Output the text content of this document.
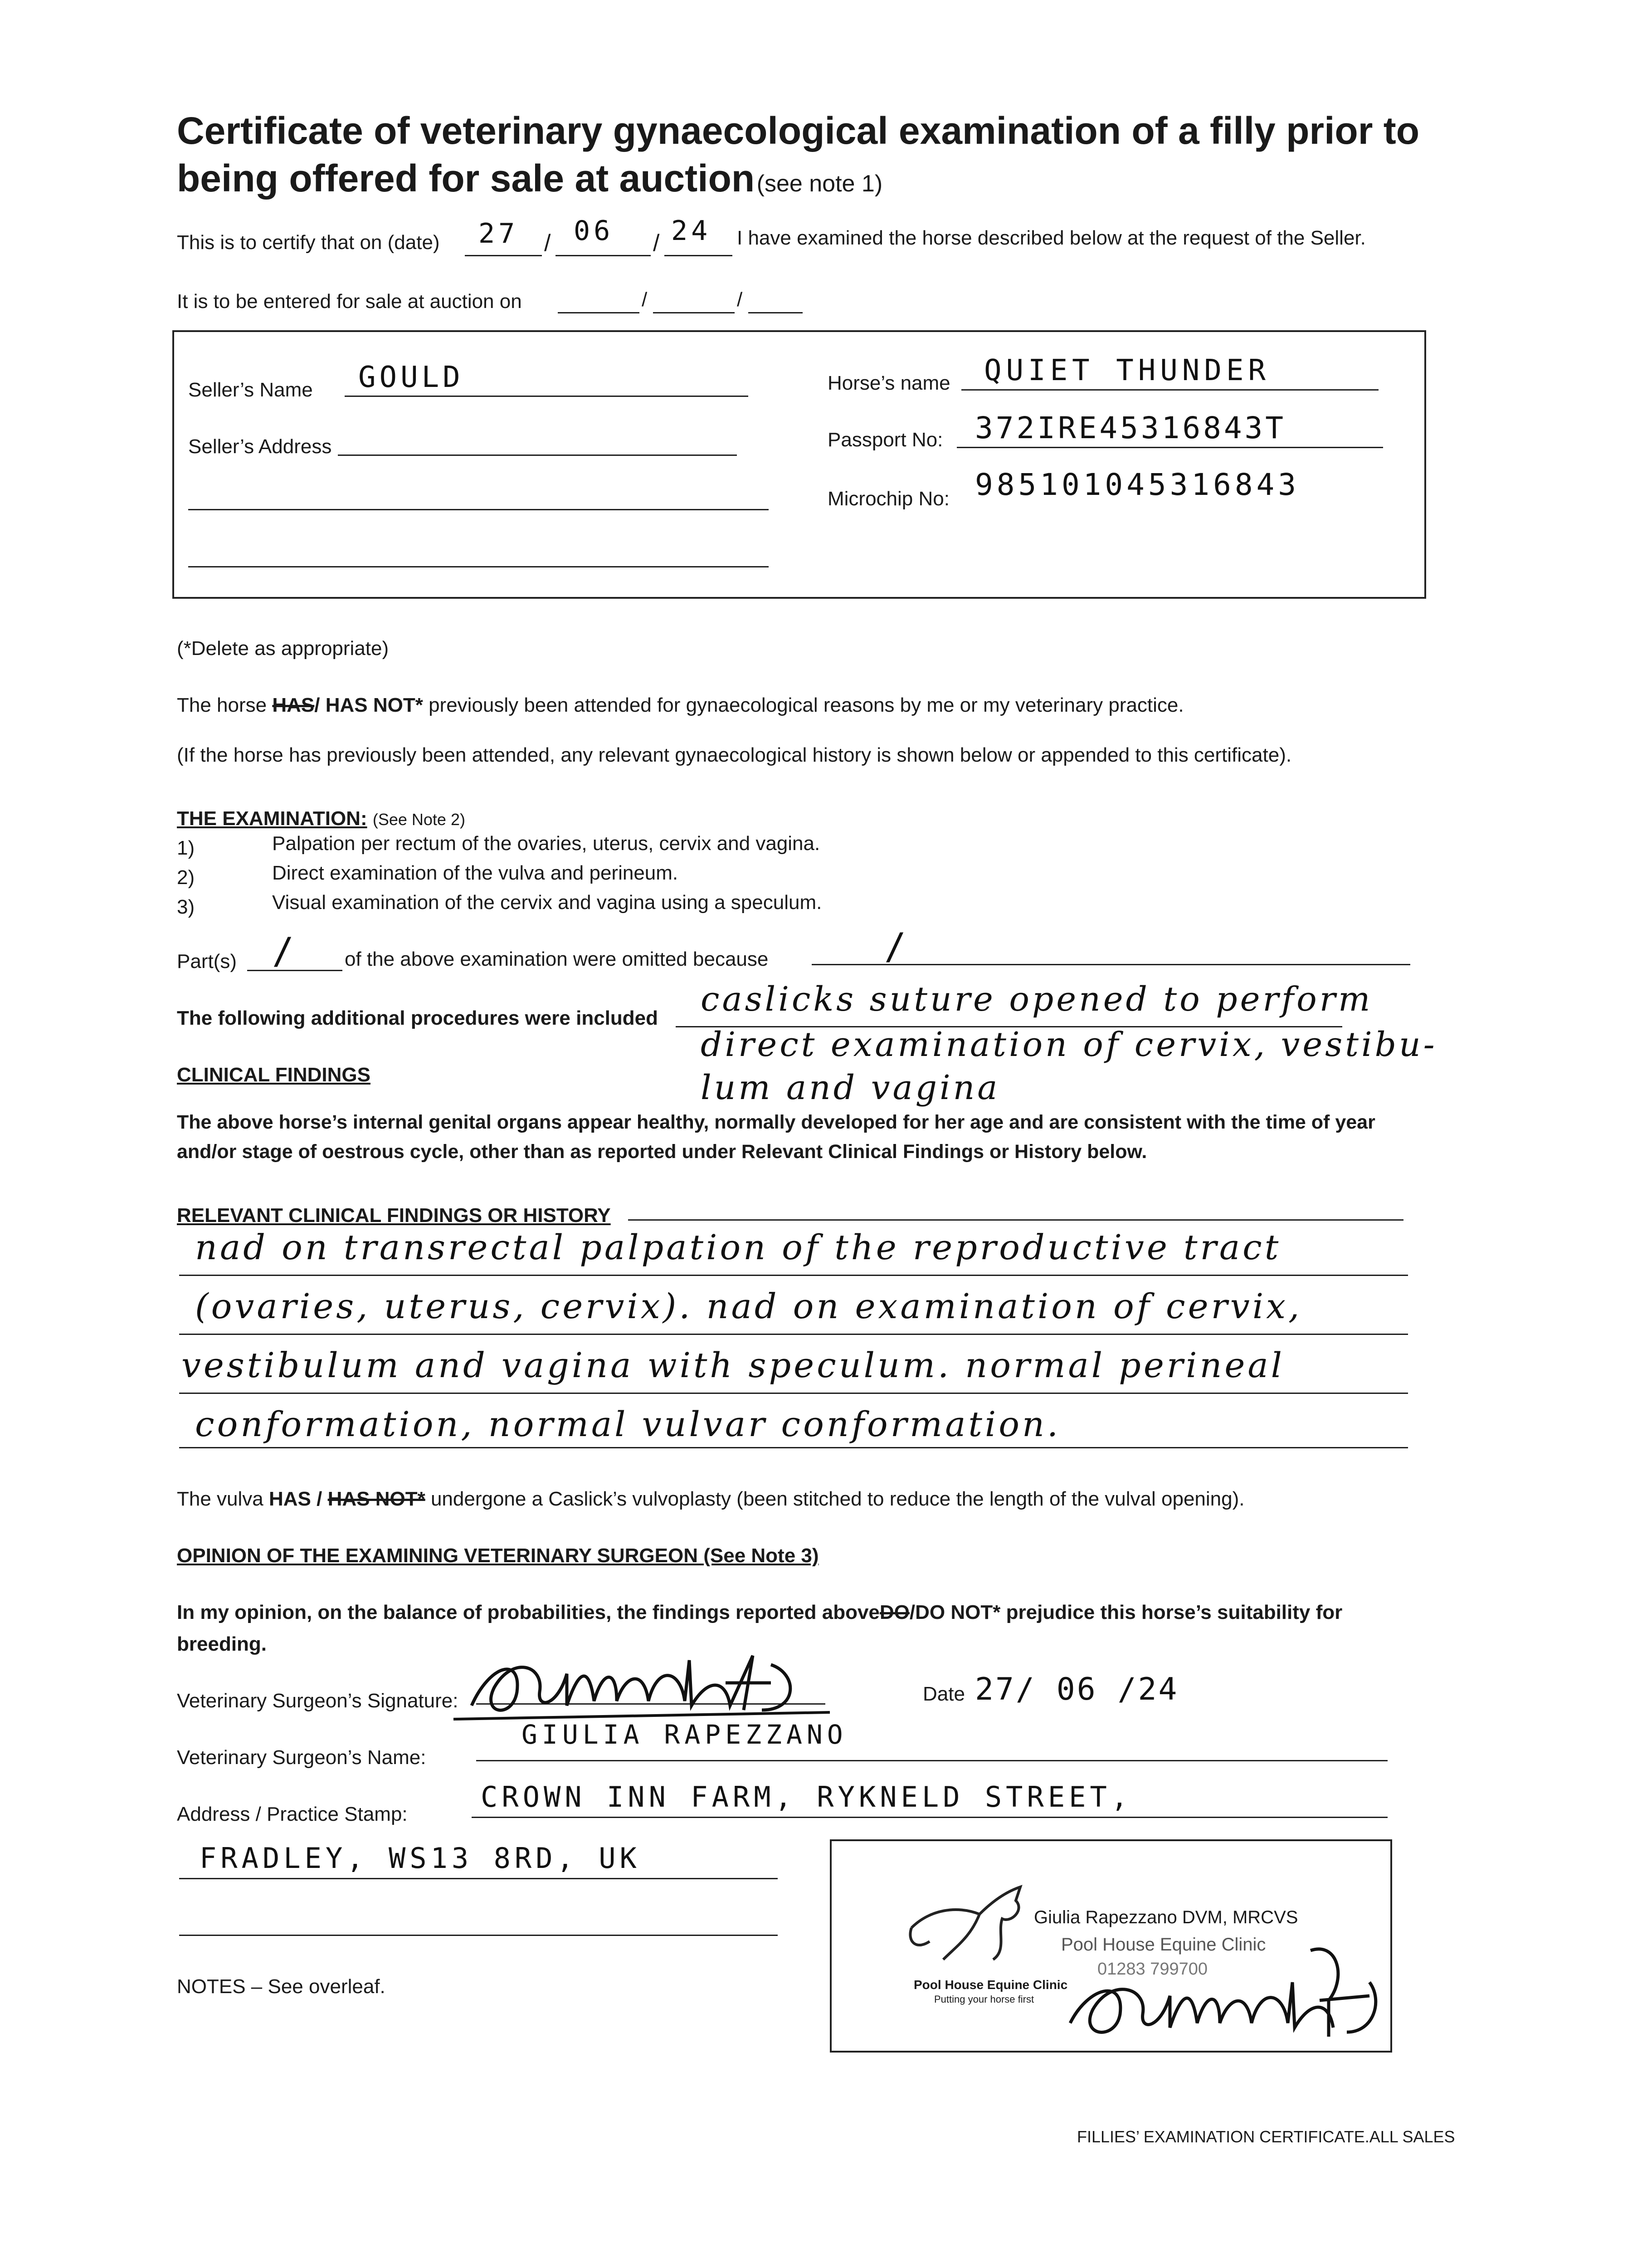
Certificate of veterinary gynaecological examination of a filly prior to
being offered for sale at auction (see note 1)
This is to certify that on (date) 27 / 06 / 24 I have examined the horse described below at the request of the Seller.
It is to be entered for sale at auction on	/	/
Seller’s Name GOULD
Seller’s Address
Horse’s name QUIET THUNDER
Passport No: 372IRE45316843T
Microchip No: 985101045316843
(*Delete as appropriate)
The horse HAS/ HAS NOT* previously been attended for gynaecological reasons by me or my veterinary practice.
(If the horse has previously been attended, any relevant gynaecological history is shown below or appended to this certificate).
THE EXAMINATION: (See Note 2)
1)	Palpation per rectum of the ovaries, uterus, cervix and vagina.
2)	Direct examination of the vulva and perineum.
3)	Visual examination of the cervix and vagina using a speculum.
Part(s) / of the above examination were omitted because	/
The following additional procedures were included caslicks suture opened to perform
direct examination of cervix, vestibu-
lum and vagina
CLINICAL FINDINGS
The above horse’s internal genital organs appear healthy, normally developed for her age and are consistent with the time of year
and/or stage of oestrous cycle, other than as reported under Relevant Clinical Findings or History below.
RELEVANT CLINICAL FINDINGS OR HISTORY
nad on transrectal palpation of the reproductive tract
(ovaries, uterus, cervix). nad on examination of cervix,
vestibulum and vagina with speculum. normal perineal
conformation, normal vulvar conformation.
The vulva HAS / HAS NOT* undergone a Caslick’s vulvoplasty (been stitched to reduce the length of the vulval opening).
OPINION OF THE EXAMINING VETERINARY SURGEON (See Note 3)
In my opinion, on the balance of probabilities, the findings reported aboveDO/DO NOT* prejudice this horse’s suitability for
breeding.
Veterinary Surgeon’s Signature:	Date 27/ 06 /24
Veterinary Surgeon’s Name:
GIULIA RAPEZZANO
Address / Practice Stamp:
CROWN INN FARM, RYKNELD STREET,
FRADLEY, WS13 8RD, UK
Giulia Rapezzano DVM, MRCVS
Pool House Equine Clinic
01283 799700
Pool House Equine Clinic
Putting your horse first
NOTES – See overleaf.
FILLIES’ EXAMINATION CERTIFICATE.ALL SALES
